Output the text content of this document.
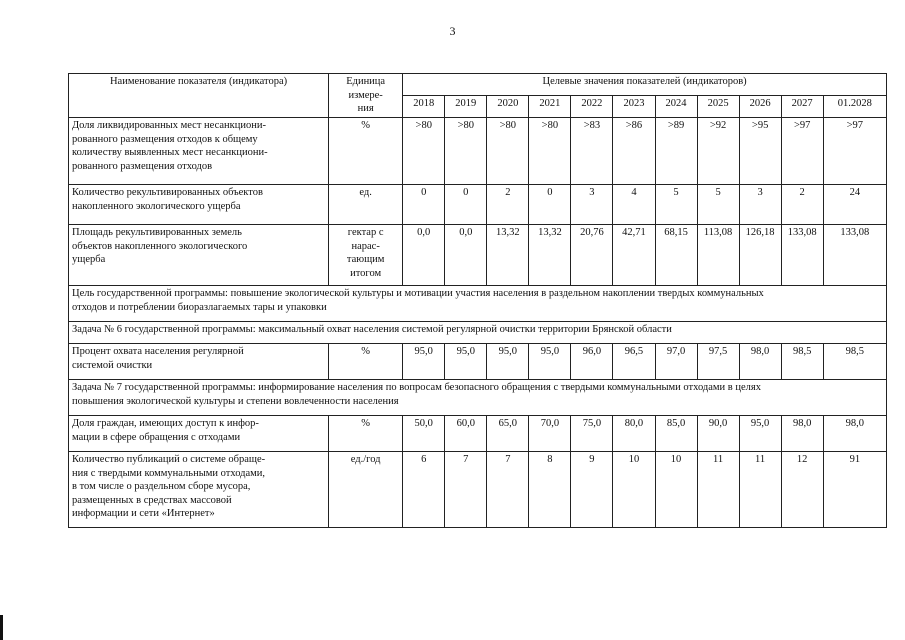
3
Наименование показателя (индикатора)	Единица
измере-
ния	Целевые значения показателей (индикаторов)										
		2018	2019	2020	2021	2022	2023	2024	2025	2026	2027	01.2028
Доля ликвидированных мест несанкциони-
рованного размещения отходов к общему
количеству выявленных мест несанкциони-
рованного размещения отходов	%	>80	>80	>80	>80	>83	>86	>89	>92	>95	>97	>97
Количество рекультивированных объектов
накопленного экологического ущерба	ед.	0	0	2	0	3	4	5	5	3	2	24
Площадь рекультивированных земель
объектов накопленного экологического
ущерба	гектар с
нарас-
тающим
итогом	0,0	0,0	13,32	13,32	20,76	42,71	68,15	113,08	126,18	133,08	133,08
Цель государственной программы: повышение экологической культуры и мотивации участия населения в раздельном накоплении твердых коммунальных
отходов и потреблении биоразлагаемых тары и упаковки												
Задача № 6 государственной программы: максимальный охват населения системой регулярной очистки территории Брянской области												
Процент охвата населения регулярной
системой очистки	%	95,0	95,0	95,0	95,0	96,0	96,5	97,0	97,5	98,0	98,5	98,5
Задача № 7 государственной программы: информирование населения по вопросам безопасного обращения с твердыми коммунальными отходами в целях
повышения экологической культуры и степени вовлеченности населения												
Доля граждан, имеющих доступ к инфор-
мации в сфере обращения с отходами	%	50,0	60,0	65,0	70,0	75,0	80,0	85,0	90,0	95,0	98,0	98,0
Количество публикаций о системе обраще-
ния с твердыми коммунальными отходами,
в том числе о раздельном сборе мусора,
размещенных в средствах массовой
информации и сети «Интернет»	ед./год	6	7	7	8	9	10	10	11	11	12	91
